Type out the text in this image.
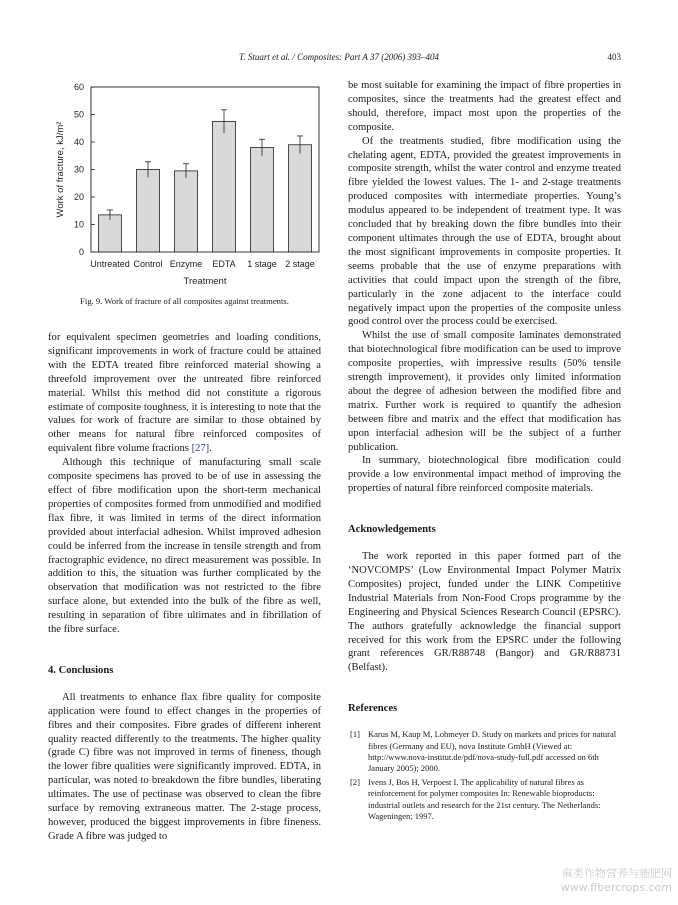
T. Stuart et al. / Composites: Part A 37 (2006) 393–404	403
0
10
20
30
40
50
60
Untreated Control Enzyme EDTA 1 stage 2 stage
Treatment
Work of fracture, kJ/m²
Fig. 9. Work of fracture of all composites against treatments.

for equivalent specimen geometries and loading conditions, significant improvements in work of fracture could be attained with the EDTA treated fibre reinforced material showing a threefold improvement over the untreated fibre reinforced material. Whilst this method did not constitute a rigorous estimate of composite toughness, it is interesting to note that the values for work of fracture are similar to those obtained by other means for natural fibre reinforced composites of equivalent fibre volume fractions [27].

Although this technique of manufacturing small scale composite specimens has proved to be of use in assessing the effect of fibre modification upon the short-term mechanical properties of composites formed from unmodified and modified flax fibre, it was limited in terms of the direct information provided about interfacial adhesion. Whilst improved adhesion could be inferred from the increase in tensile strength and from fractographic evidence, no direct measurement was possible. In addition to this, the situation was further complicated by the observation that modification was not restricted to the fibre surface alone, but extended into the bulk of the fibre as well, resulting in separation of fibre ultimates and in fibrillation of the fibre surface.

4. Conclusions

All treatments to enhance flax fibre quality for composite application were found to effect changes in the properties of fibres and their composites. Fibre grades of different inherent quality reacted differently to the treatments. The higher quality (grade C) fibre was not improved in terms of fineness, though the lower fibre qualities were significantly improved. EDTA, in particular, was noted to breakdown the fibre bundles, liberating ultimates. The use of pectinase was observed to clean the fibre surface by removing extraneous matter. The 2-stage process, however, produced the biggest improvements in fibre fineness. Grade A fibre was judged to

be most suitable for examining the impact of fibre properties in composites, since the treatments had the greatest effect and should, therefore, impact most upon the properties of the composite.

Of the treatments studied, fibre modification using the chelating agent, EDTA, provided the greatest improvements in composite strength, whilst the water control and enzyme treated fibre yielded the lowest values. The 1- and 2-stage treatments produced composites with intermediate properties. Young’s modulus appeared to be independent of treatment type. It was concluded that by breaking down the fibre bundles into their component ultimates through the use of EDTA, brought about the most significant improvements in composite properties. It seems probable that the use of enzyme preparations with activities that could impact upon the strength of the fibre, particularly in the zone adjacent to the interface could negatively impact upon the properties of the composite unless good control over the process could be exercised.

Whilst the use of small composite laminates demonstrated that biotechnological fibre modification can be used to improve composite properties, with impressive results (50% tensile strength improvement), it provides only limited information about the degree of adhesion between the modified fibre and matrix. Further work is required to quantify the adhesion between fibre and matrix and the effect that modification has upon interfacial adhesion will be the subject of a further publication.

In summary, biotechnological fibre modification could provide a low environmental impact method of improving the properties of natural fibre reinforced composite materials.

Acknowledgements

The work reported in this paper formed part of the ‘NOVCOMPS’ (Low Environmental Impact Polymer Matrix Composites) project, funded under the LINK Competitive Industrial Materials from Non-Food Crops programme by the Engineering and Physical Sciences Research Council (EPSRC). The authors gratefully acknowledge the financial support received for this work from the EPSRC under the following grant references GR/R88748 (Bangor) and GR/R88731 (Belfast).

References

[1] Karus M, Kaup M, Lohmeyer D. Study on markets and prices for natural fibres (Germany and EU), nova Institute GmbH (Viewed at: http://www.nova-institut.de/pdf/nova-study-full.pdf accessed on 6th January 2005); 2000.
[2] Ivens J, Bos H, Verpoest I. The applicability of natural fibres as reinforcement for polymer composites In: Renewable bioproducts: industrial outlets and research for the 21st century. The Netherlands: Wageningen; 1997.
麻类作物营养与施肥网
www.fibercrops.com
